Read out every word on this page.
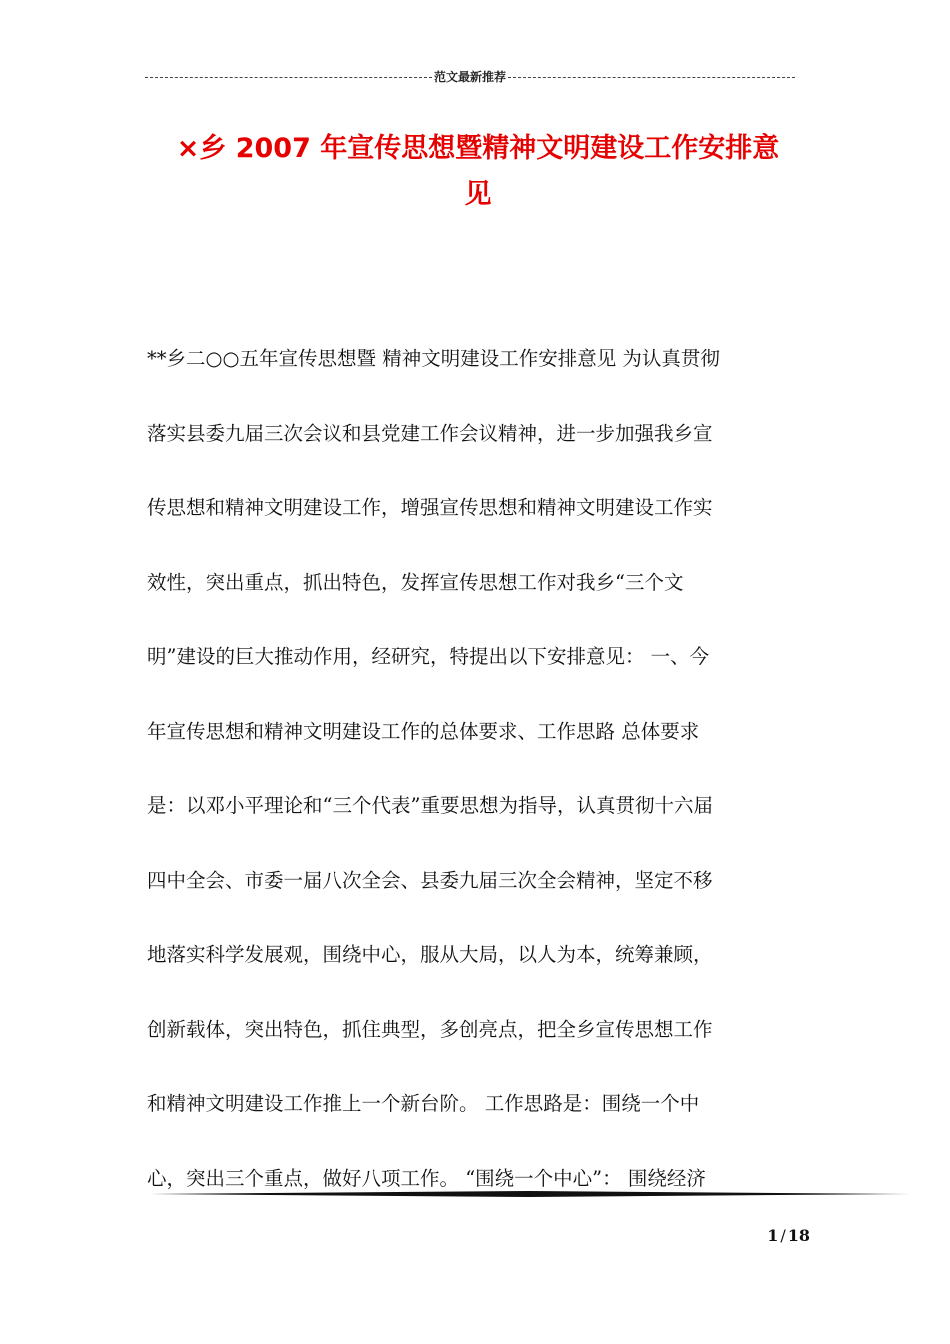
范文最新推荐
×乡 2007 年宣传思想暨精神文明建设工作安排意
见
**乡二○○五年宣传思想暨 精神文明建设工作安排意见 为认真贯彻
落实县委九届三次会议和县党建工作会议精神，进一步加强我乡宣
传思想和精神文明建设工作，增强宣传思想和精神文明建设工作实
效性，突出重点，抓出特色，发挥宣传思想工作对我乡“三个文
明”建设的巨大推动作用，经研究，特提出以下安排意见： 一、今
年宣传思想和精神文明建设工作的总体要求、工作思路 总体要求
是：以邓小平理论和“三个代表”重要思想为指导，认真贯彻十六届
四中全会、市委一届八次全会、县委九届三次全会精神，坚定不移
地落实科学发展观，围绕中心，服从大局，以人为本，统筹兼顾，
创新载体，突出特色，抓住典型，多创亮点，把全乡宣传思想工作
和精神文明建设工作推上一个新台阶。 工作思路是：围绕一个中
心，突出三个重点，做好八项工作。 “围绕一个中心”： 围绕经济
1 / 18
